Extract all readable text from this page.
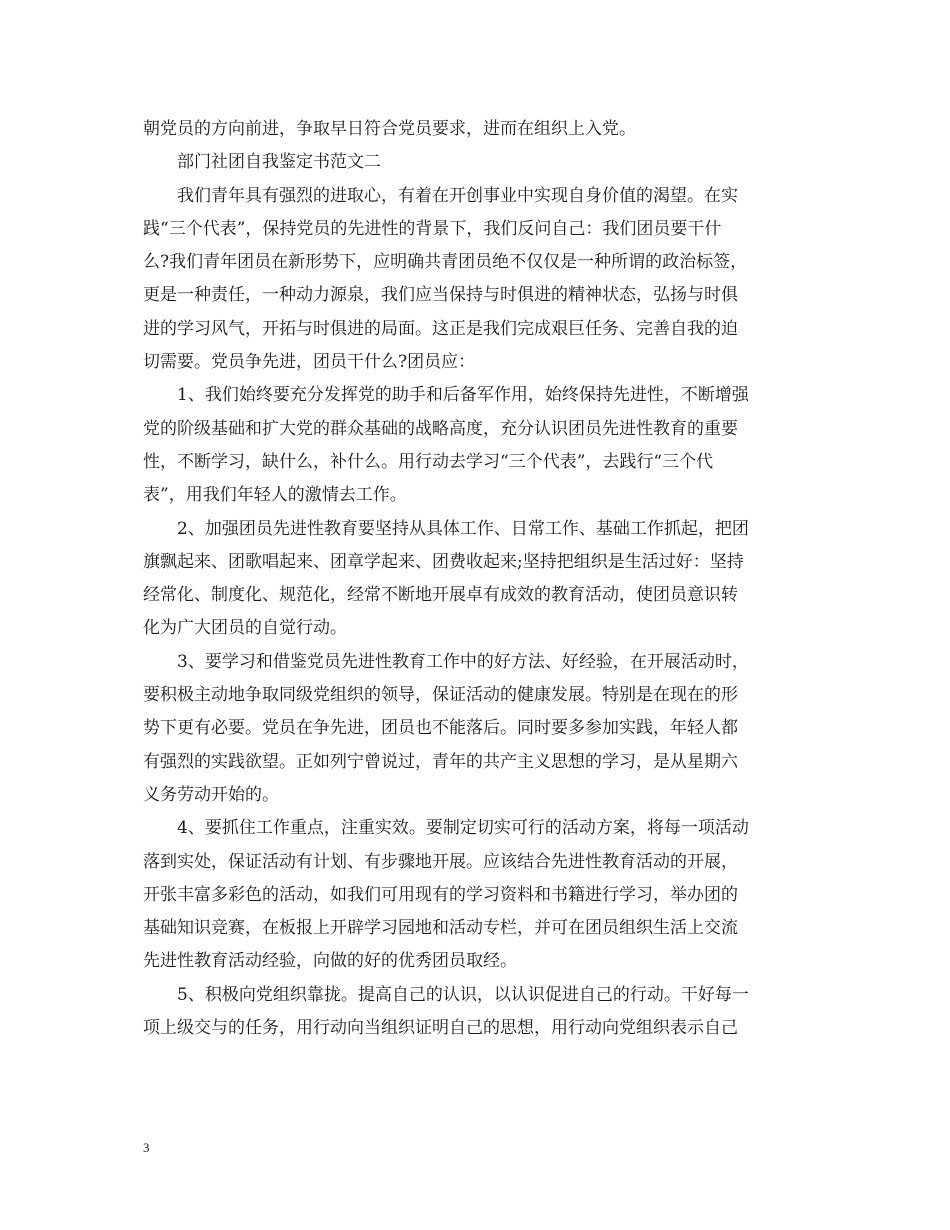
朝党员的方向前进，争取早日符合党员要求，进而在组织上入党。
　　部门社团自我鉴定书范文二
　　我们青年具有强烈的进取心，有着在开创事业中实现自身价值的渴望。在实
践“三个代表”，保持党员的先进性的背景下，我们反问自己：我们团员要干什
么?我们青年团员在新形势下，应明确共青团员绝不仅仅是一种所谓的政治标签，
更是一种责任，一种动力源泉，我们应当保持与时俱进的精神状态，弘扬与时俱
进的学习风气，开拓与时俱进的局面。这正是我们完成艰巨任务、完善自我的迫
切需要。党员争先进，团员干什么?团员应：
　　1、我们始终要充分发挥党的助手和后备军作用，始终保持先进性，不断增强
党的阶级基础和扩大党的群众基础的战略高度，充分认识团员先进性教育的重要
性，不断学习，缺什么，补什么。用行动去学习“三个代表”，去践行“三个代
表”，用我们年轻人的激情去工作。
　　2、加强团员先进性教育要坚持从具体工作、日常工作、基础工作抓起，把团
旗飘起来、团歌唱起来、团章学起来、团费收起来;坚持把组织是生活过好：坚持
经常化、制度化、规范化，经常不断地开展卓有成效的教育活动，使团员意识转
化为广大团员的自觉行动。
　　3、要学习和借鉴党员先进性教育工作中的好方法、好经验，在开展活动时，
要积极主动地争取同级党组织的领导，保证活动的健康发展。特别是在现在的形
势下更有必要。党员在争先进，团员也不能落后。同时要多参加实践，年轻人都
有强烈的实践欲望。正如列宁曾说过，青年的共产主义思想的学习，是从星期六
义务劳动开始的。
　　4、要抓住工作重点，注重实效。要制定切实可行的活动方案，将每一项活动
落到实处，保证活动有计划、有步骤地开展。应该结合先进性教育活动的开展，
开张丰富多彩色的活动，如我们可用现有的学习资料和书籍进行学习，举办团的
基础知识竞赛，在板报上开辟学习园地和活动专栏，并可在团员组织生活上交流
先进性教育活动经验，向做的好的优秀团员取经。
　　5、积极向党组织靠拢。提高自己的认识，以认识促进自己的行动。干好每一
项上级交与的任务，用行动向当组织证明自己的思想，用行动向党组织表示自己
3
